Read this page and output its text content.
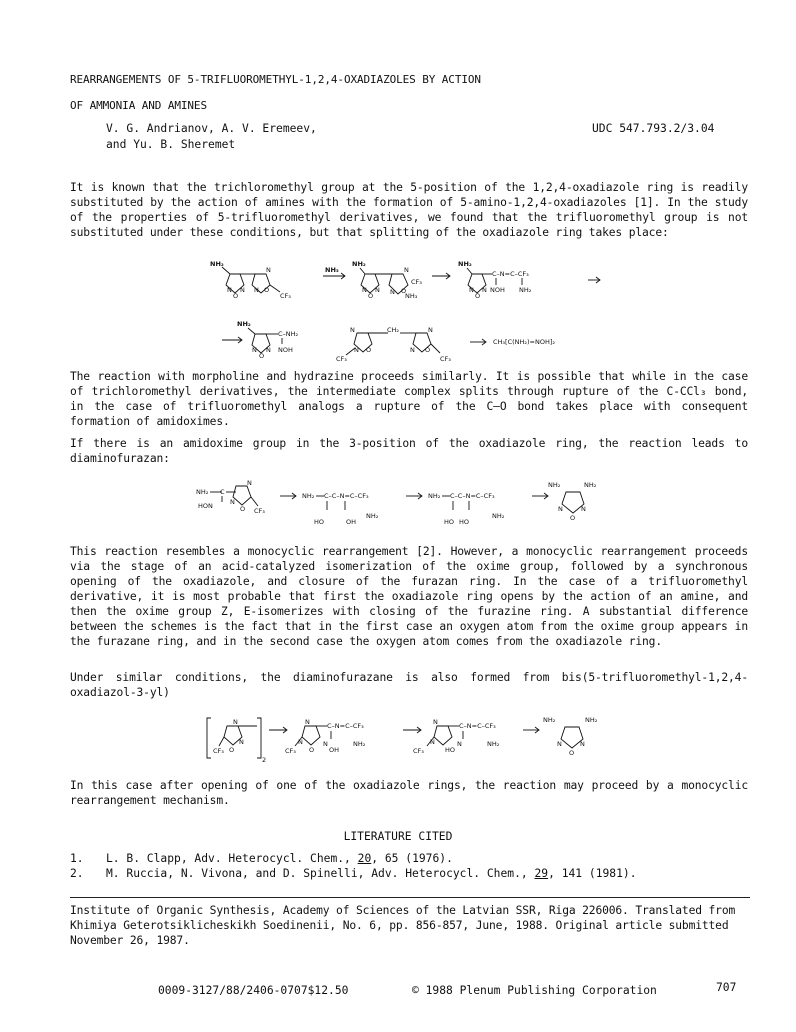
REARRANGEMENTS OF 5-TRIFLUOROMETHYL-1,2,4-OXADIAZOLES BY ACTION
OF AMMONIA AND AMINES
V. G. Andrianov, A. V. Eremeev,
and Yu. B. Sheremet
UDC 547.793.2/3.04
It is known that the trichloromethyl group at the 5-position of the 1,2,4-oxadiazole ring is readily substituted by the action of amines with the formation of 5-amino-1,2,4-oxadiazoles [1]. In the study of the properties of 5-trifluoromethyl derivatives, we found that the trifluoromethyl group is not substituted under these conditions, but that splitting of the oxadiazole ring takes place:
NH₂
N N
O
N
N O
CF₃
NH₃
NH₂
N N
O
N
N O
CF₃
NH₃
NH₂
N N
O
C–N=C–CF₃
NOH NH₂
NH₂
N N
O
C–NH₂
NOH
N
N O
CF₃
CH₂	N
N O
CF₃
CH₃[C(NH₂)=NOH]₂
The reaction with morpholine and hydrazine proceeds similarly. It is possible that while in the case of trichloromethyl derivatives, the intermediate complex splits through rupture of the C-CCl₃ bond, in the case of trifluoromethyl analogs a rupture of the C–O bond takes place with consequent formation of amidoximes.
If there is an amidoxime group in the 3-position of the oxadiazole ring, the reaction leads to diaminofurazan:
NH₂ C
N
N
O CF₃
HON
NH₂ C–C–N=C–CF₃
HO	OH
NH₂
NH₂ C–C–N=C–CF₃
HO HO
NH₂
NH₂	NH₂
N	N
O
This reaction resembles a monocyclic rearrangement [2]. However, a monocyclic rearrangement proceeds via the stage of an acid-catalyzed isomerization of the oxime group, followed by a synchronous opening of the oxadiazole, and closure of the furazan ring. In the case of a trifluoromethyl derivative, it is most probable that first the oxadiazole ring opens by the action of an amine, and then the oxime group Z, E-isomerizes with closing of the furazine ring. A substantial difference between the schemes is the fact that in the first case an oxygen atom from the oxime group appears in the furazane ring, and in the second case the oxygen atom comes from the oxadiazole ring.
Under similar conditions, the diaminofurazane is also formed from bis(5-trifluoromethyl-1,2,4-oxadiazol-3-yl)
N
N
O
CF₃
2
N
N
O
CF₃
C–N=C–CF₃
N
OH
NH₂
N
N
HO
CF₃
C–N=C–CF₃
N	NH₂
NH₂	NH₂
N	N
O
In this case after opening of one of the oxadiazole rings, the reaction may proceed by a monocyclic rearrangement mechanism.
LITERATURE CITED
1. L. B. Clapp, Adv. Heterocycl. Chem., 20, 65 (1976).
2. M. Ruccia, N. Vivona, and D. Spinelli, Adv. Heterocycl. Chem., 29, 141 (1981).
Institute of Organic Synthesis, Academy of Sciences of the Latvian SSR, Riga 226006. Translated from Khimiya Geterotsiklicheskikh Soedinenii, No. 6, pp. 856-857, June, 1988. Original article submitted November 26, 1987.
0009-3127/88/2406-0707$12.50	© 1988 Plenum Publishing Corporation	707
